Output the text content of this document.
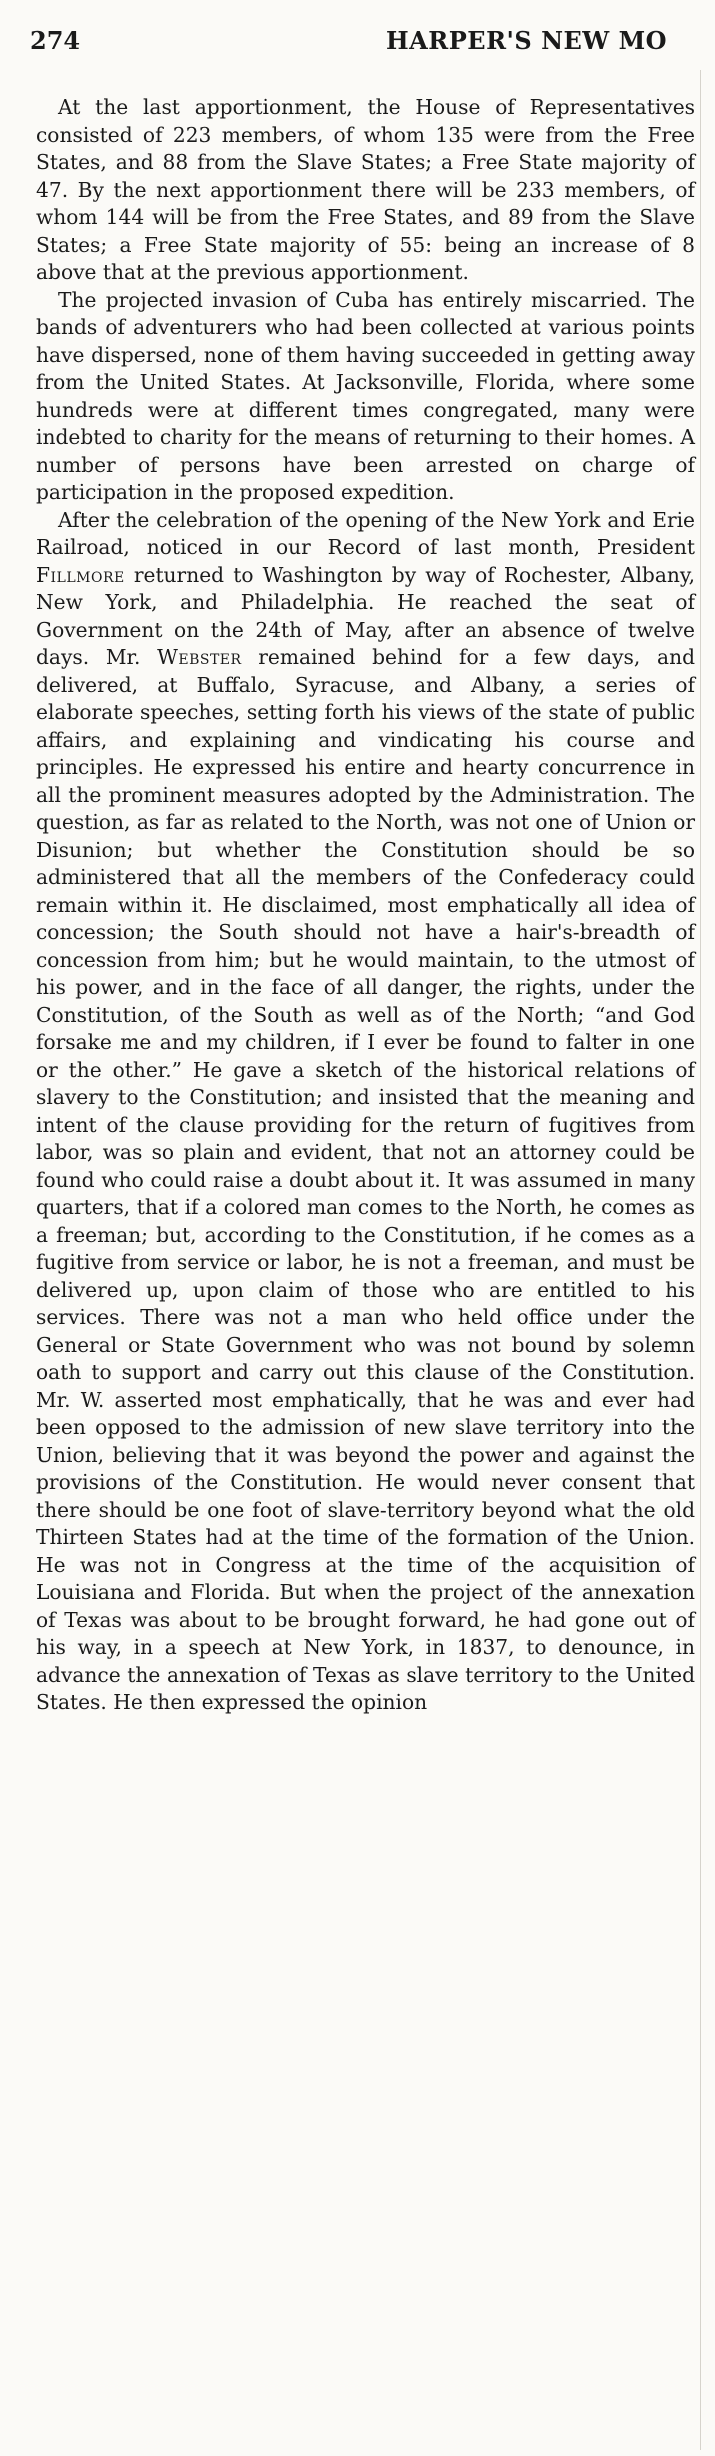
274	HARPER'S NEW MO

At the last apportionment, the House of Representatives consisted of 223 members, of whom 135 were from the Free States, and 88 from the Slave States; a Free State majority of 47. By the next apportionment there will be 233 members, of whom 144 will be from the Free States, and 89 from the Slave States; a Free State majority of 55: being an increase of 8 above that at the previous apportionment.

The projected invasion of Cuba has entirely miscarried. The bands of adventurers who had been collected at various points have dispersed, none of them having succeeded in getting away from the United States. At Jacksonville, Florida, where some hundreds were at different times congregated, many were indebted to charity for the means of returning to their homes. A number of persons have been arrested on charge of participation in the proposed expedition.

After the celebration of the opening of the New York and Erie Railroad, noticed in our Record of last month, President Fillmore returned to Washington by way of Rochester, Albany, New York, and Philadelphia. He reached the seat of Government on the 24th of May, after an absence of twelve days. Mr. Webster remained behind for a few days, and delivered, at Buffalo, Syracuse, and Albany, a series of elaborate speeches, setting forth his views of the state of public affairs, and explaining and vindicating his course and principles. He expressed his entire and hearty concurrence in all the prominent measures adopted by the Administration. The question, as far as related to the North, was not one of Union or Disunion; but whether the Constitution should be so administered that all the members of the Confederacy could remain within it. He disclaimed, most emphatically all idea of concession; the South should not have a hair's-breadth of concession from him; but he would maintain, to the utmost of his power, and in the face of all danger, the rights, under the Constitution, of the South as well as of the North; “and God forsake me and my children, if I ever be found to falter in one or the other.” He gave a sketch of the historical relations of slavery to the Constitution; and insisted that the meaning and intent of the clause providing for the return of fugitives from labor, was so plain and evident, that not an attorney could be found who could raise a doubt about it. It was assumed in many quarters, that if a colored man comes to the North, he comes as a freeman; but, according to the Constitution, if he comes as a fugitive from service or labor, he is not a freeman, and must be delivered up, upon claim of those who are entitled to his services. There was not a man who held office under the General or State Government who was not bound by solemn oath to support and carry out this clause of the Constitution. Mr. W. asserted most emphatically, that he was and ever had been opposed to the admission of new slave territory into the Union, believing that it was beyond the power and against the provisions of the Constitution. He would never consent that there should be one foot of slave-territory beyond what the old Thirteen States had at the time of the formation of the Union. He was not in Congress at the time of the acquisition of Louisiana and Florida. But when the project of the annexation of Texas was about to be brought forward, he had gone out of his way, in a speech at New York, in 1837, to denounce, in advance the annexation of Texas as slave territory to the United States. He then expressed the opinion
